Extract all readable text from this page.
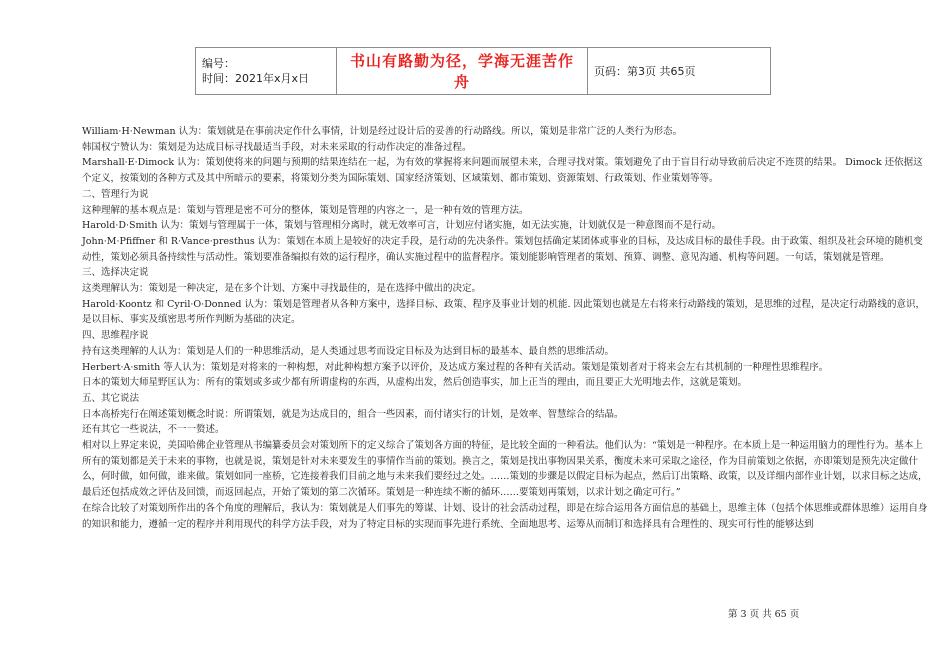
编号：
时间：2021年x月x日
	书山有路勤为径，学海无涯苦作舟	页码：第3页 共65页

William·H·Newman 认为：策划就是在事前决定作什么事情，计划是经过设计后的妥善的行动路线。所以，策划是非常广泛的人类行为形态。

韩国权宁赞认为：策划是为达成目标寻找最适当手段，对未来采取的行动作决定的准备过程。

Marshall·E·Dimock 认为：策划使将来的问题与预期的结果连结在一起，为有效的掌握将来问题而展望未来，合理寻找对策。策划避免了由于盲目行动导致前后决定不连贯的结果。 Dimock 还依据这个定义，按策划的各种方式及其中所暗示的要素，将策划分类为国际策划、国家经济策划、区域策划、都市策划、资源策划、行政策划、作业策划等等。

二、管理行为说

这种理解的基本观点是：策划与管理是密不可分的整体，策划是管理的内容之一，是一种有效的管理方法。

Harold·D·Smith 认为：策划与管理属于一体，策划与管理相分离时，就无效率可言，计划应付诸实施，如无法实施，计划就仅是一种意图而不是行动。

John·M·Pfiffner 和 R·Vance·presthus 认为：策划在本质上是较好的决定手段，是行动的先决条件。策划包括确定某团体或事业的目标，及达成目标的最佳手段。由于政策、组织及社会环境的随机变动性，策划必须具备持续性与活动性。策划要准备编拟有效的运行程序，确认实施过程中的监督程序。策划能影响管理者的策划、预算、调整、意见沟通、机构等问题。一句话，策划就是管理。

三、选择决定说

这类理解认为：策划是一种决定，是在多个计划、方案中寻找最佳的，是在选择中做出的决定。

Harold·Koontz 和 Cyril·O·Donned 认为：策划是管理者从各种方案中，选择目标、政策、程序及事业计划的机能. 因此策划也就是左右将来行动路线的策划，是思维的过程，是决定行动路线的意识，是以目标、事实及缜密思考所作判断为基础的决定。

四、思维程序说

持有这类理解的人认为：策划是人们的一种思维活动，是人类通过思考而设定目标及为达到目标的最基本、最自然的思维活动。

Herbert·A·smith 等人认为：策划是对将来的一种构想，对此种构想方案予以评价，及达成方案过程的各种有关活动。策划是策划者对于将来会左右其机制的一种理性思维程序。

日本的策划大师星野匡认为：所有的策划或多或少都有所谓虚构的东西，从虚构出发，然后创造事实，加上正当的理由，而且要正大光明地去作，这就是策划。

五、其它说法

日本高桥宪行在阐述策划概念时说：所谓策划，就是为达成目的，组合一些因素，而付诸实行的计划，是效率、智慧综合的结晶。

还有其它一些说法，不一一赘述。

相对以上界定来说，美国哈佛企业管理从书编纂委员会对策划所下的定义综合了策划各方面的特征，是比较全面的一种看法。他们认为：“策划是一种程序。在本质上是一种运用脑力的理性行为。基本上所有的策划都是关于未来的事物，也就是说，策划是针对未来要发生的事情作当前的策划。换言之，策划是找出事物因果关系，衡度未来可采取之途径，作为目前策划之依据，亦即策划是预先决定做什么，何时做，如何做，谁来做。策划如同一座桥，它连接着我们目前之地与未来我们要经过之处。……策划的步骤是以假定目标为起点，然后订出策略、政策，以及详细内部作业计划，以求目标之达成，最后还包括成效之评估及回馈，而返回起点，开始了策划的第二次循环。策划是一种连续不断的循环……要策划再策划，以求计划之确定可行。”

在综合比较了对策划所作出的各个角度的理解后，我认为：策划就是人们事先的筹谋、计划、设计的社会活动过程，即是在综合运用各方面信息的基础上，思维主体（包括个体思维或群体思维）运用自身的知识和能力，遵循一定的程序并利用现代的科学方法手段，对为了特定目标的实现而事先进行系统、全面地思考、运筹从而制订和选择具有合理性的、现实可行性的能够达到

第 3 页 共 65 页
